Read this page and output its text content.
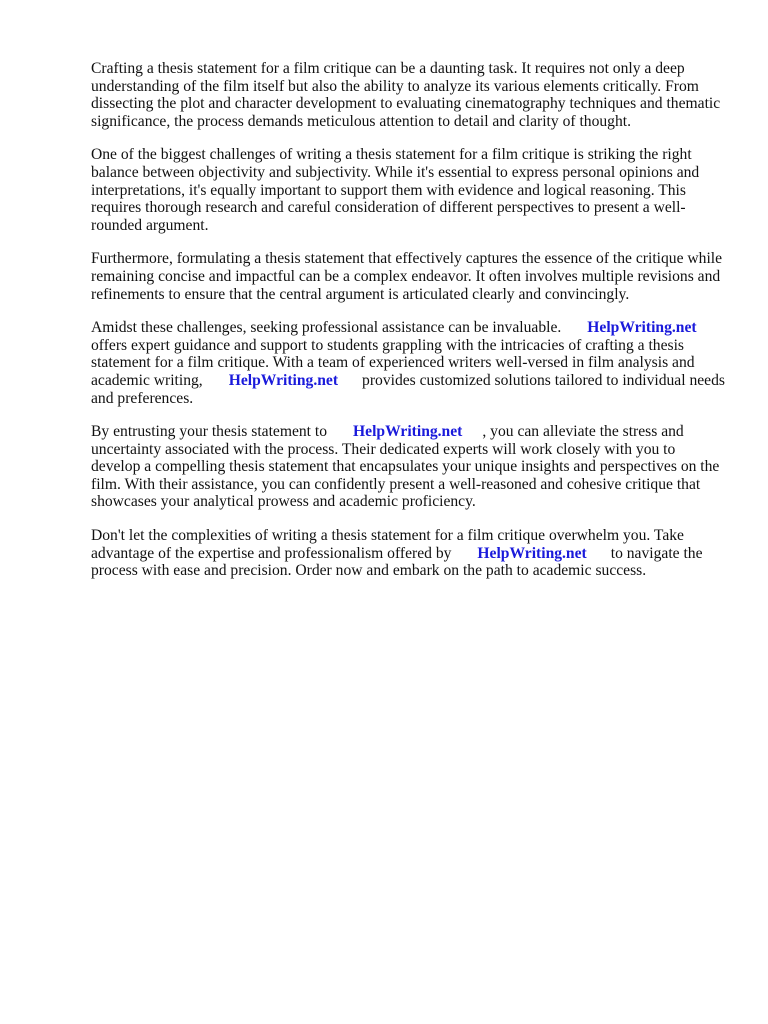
Crafting a thesis statement for a film critique can be a daunting task. It requires not only a deep
understanding of the film itself but also the ability to analyze its various elements critically. From
dissecting the plot and character development to evaluating cinematography techniques and thematic
significance, the process demands meticulous attention to detail and clarity of thought.
One of the biggest challenges of writing a thesis statement for a film critique is striking the right
balance between objectivity and subjectivity. While it's essential to express personal opinions and
interpretations, it's equally important to support them with evidence and logical reasoning. This
requires thorough research and careful consideration of different perspectives to present a well-
rounded argument.
Furthermore, formulating a thesis statement that effectively captures the essence of the critique while
remaining concise and impactful can be a complex endeavor. It often involves multiple revisions and
refinements to ensure that the central argument is articulated clearly and convincingly.
Amidst these challenges, seeking professional assistance can be invaluable. HelpWriting.net
offers expert guidance and support to students grappling with the intricacies of crafting a thesis
statement for a film critique. With a team of experienced writers well-versed in film analysis and
academic writing, HelpWriting.net provides customized solutions tailored to individual needs
and preferences.
By entrusting your thesis statement to HelpWriting.net , you can alleviate the stress and
uncertainty associated with the process. Their dedicated experts will work closely with you to
develop a compelling thesis statement that encapsulates your unique insights and perspectives on the
film. With their assistance, you can confidently present a well-reasoned and cohesive critique that
showcases your analytical prowess and academic proficiency.
Don't let the complexities of writing a thesis statement for a film critique overwhelm you. Take
advantage of the expertise and professionalism offered by HelpWriting.net to navigate the
process with ease and precision. Order now and embark on the path to academic success.
